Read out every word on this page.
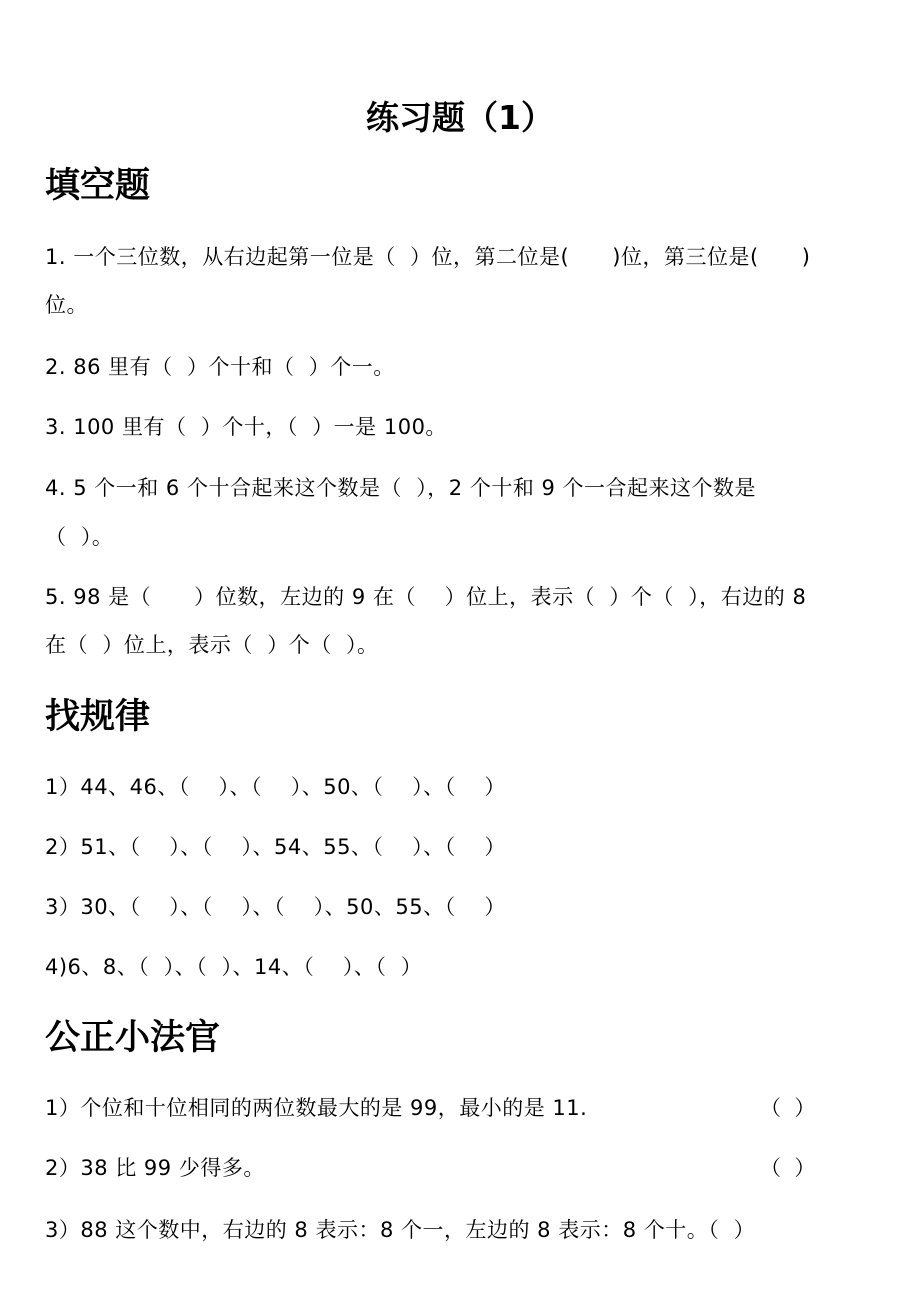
练习题（1）
填空题
1. 一个三位数，从右边起第一位是（  ）位，第二位是(      )位，第三位是(      )
位。
2. 86 里有（  ）个十和（  ）个一。
3. 100 里有（  ）个十，（  ）一是 100。
4. 5 个一和 6 个十合起来这个数是（  ），2 个十和 9 个一合起来这个数是
（  ）。
5. 98 是（      ）位数，左边的 9 在（    ）位上，表示（  ）个（  ），右边的 8
在（  ）位上，表示（  ）个（  ）。
找规律
1）44、46、（    ）、（    ）、50、（    ）、（    ）
2）51、（    ）、（    ）、54、55、（    ）、（    ）
3）30、（    ）、（    ）、（    ）、50、55、（    ）
4)6、8、（  ）、（  ）、14、（    ）、（  ）
公正小法官
1）个位和十位相同的两位数最大的是 99，最小的是 11.	（  ）
2）38 比 99 少得多。	（  ）
3）88 这个数中，右边的 8 表示：8 个一，左边的 8 表示：8 个十。（  ）
